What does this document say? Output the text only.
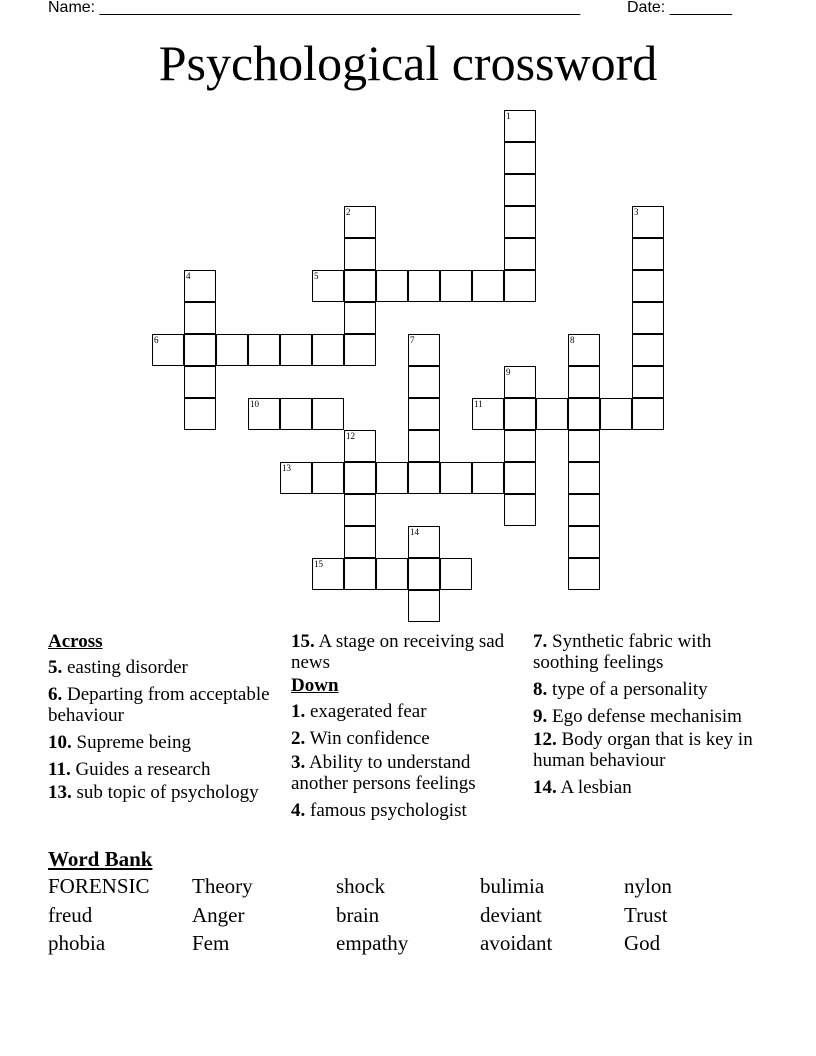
Name: ______________________________________________________	Date: _______
Psychological crossword
1
2	3
4	5
6	7	8
9
10	11
12
13
14
15
Across
5. easting disorder
6. Departing from acceptable behaviour
10. Supreme being
11. Guides a research
13. sub topic of psychology
15. A stage on receiving sad news
Down
1. exagerated fear
2. Win confidence
3. Ability to understand another persons feelings
4. famous psychologist
7. Synthetic fabric with soothing feelings
8. type of a personality
9. Ego defense mechanisim
12. Body organ that is key in human behaviour
14. A lesbian
Word Bank
FORENSIC Theory	shock	bulimia	nylon
freud	Anger	brain	deviant	Trust
phobia	Fem	empathy	avoidant	God
